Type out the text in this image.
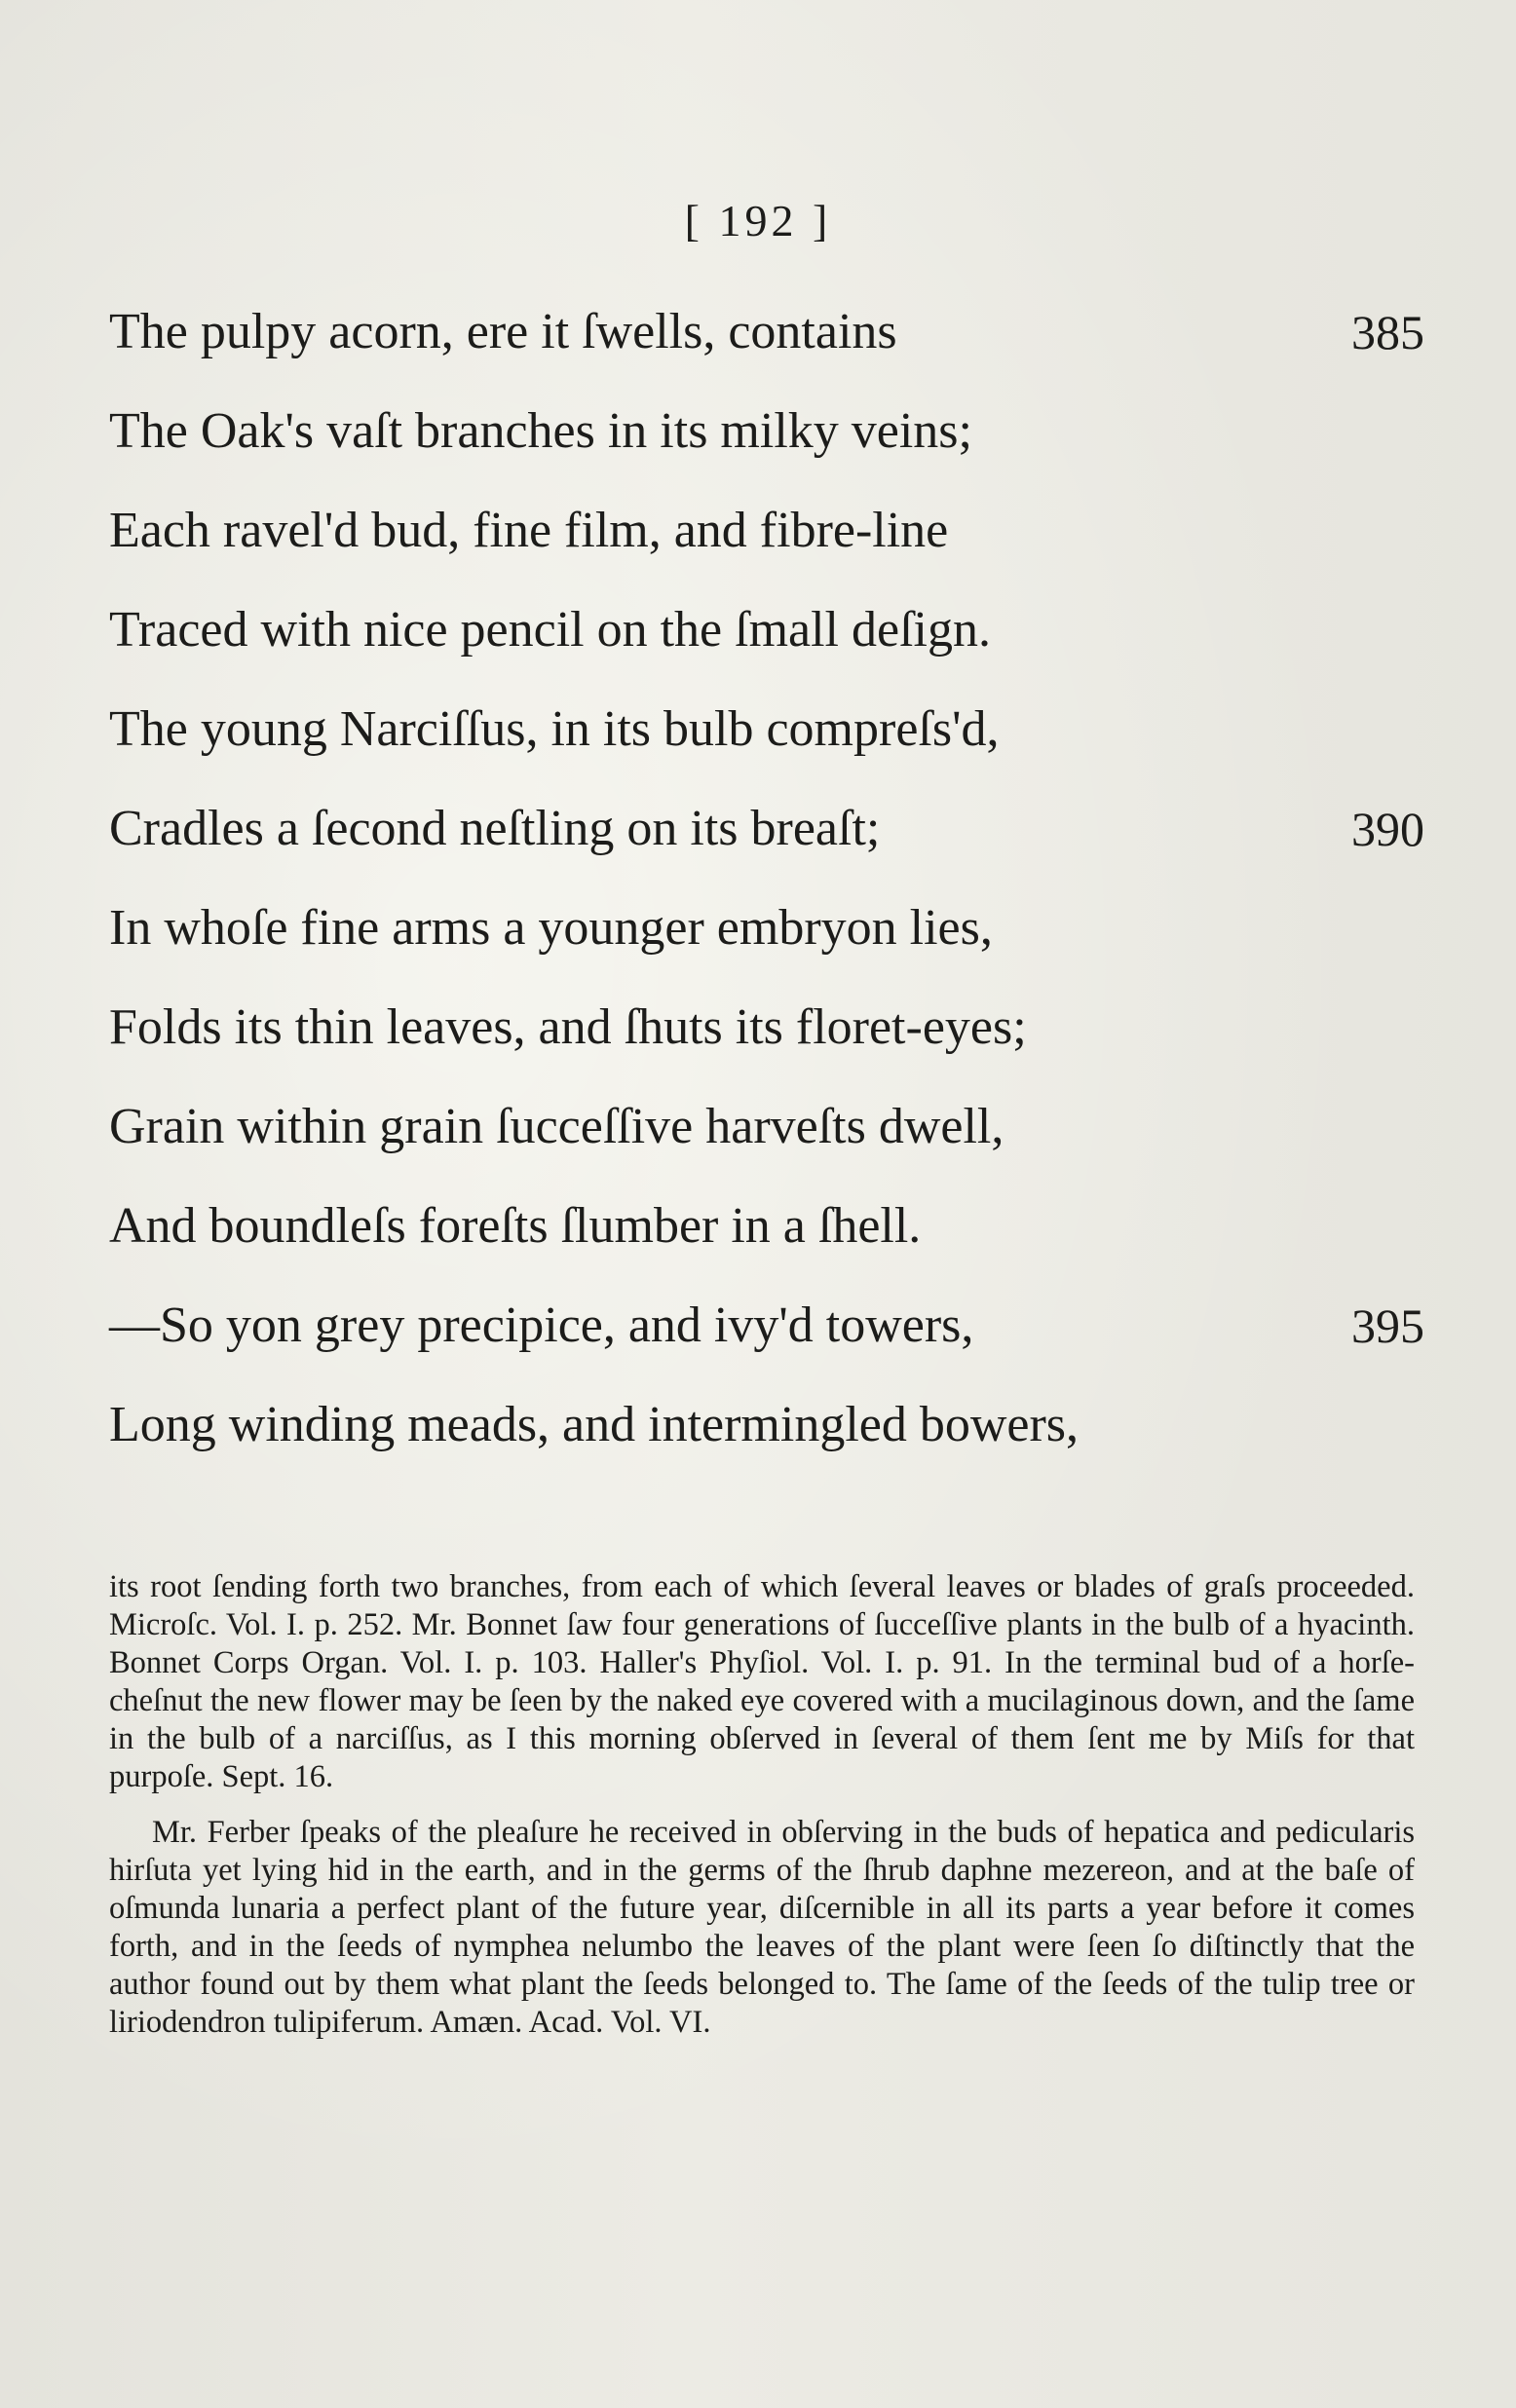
[ 192 ]
The pulpy acorn, ere it ſwells, contains	385
The Oak's vaſt branches in its milky veins;
Each ravel'd bud, fine film, and fibre-line
Traced with nice pencil on the ſmall deſign.
The young Narciſſus, in its bulb compreſs'd,
Cradles a ſecond neſtling on its breaſt;	390
In whoſe fine arms a younger embryon lies,
Folds its thin leaves, and ſhuts its floret-eyes;
Grain within grain ſucceſſive harveſts dwell,
And boundleſs foreſts ſlumber in a ſhell.
—So yon grey precipice, and ivy'd towers,	395
Long winding meads, and intermingled bowers,

its root ſending forth two branches, from each of which ſeveral leaves or blades of graſs proceeded. Microſc. Vol. I. p. 252. Mr. Bonnet ſaw four generations of ſucceſſive plants in the bulb of a hyacinth. Bonnet Corps Organ. Vol. I. p. 103. Haller's Phyſiol. Vol. I. p. 91. In the terminal bud of a horſe-cheſnut the new flower may be ſeen by the naked eye covered with a mucilaginous down, and the ſame in the bulb of a narciſſus, as I this morning obſerved in ſeveral of them ſent me by Miſs for that purpoſe. Sept. 16.

Mr. Ferber ſpeaks of the pleaſure he received in obſerving in the buds of hepatica and pedicularis hirſuta yet lying hid in the earth, and in the germs of the ſhrub daphne mezereon, and at the baſe of oſmunda lunaria a perfect plant of the future year, diſcernible in all its parts a year before it comes forth, and in the ſeeds of nymphea nelumbo the leaves of the plant were ſeen ſo diſtinctly that the author found out by them what plant the ſeeds belonged to. The ſame of the ſeeds of the tulip tree or liriodendron tulipiferum. Amæn. Acad. Vol. VI.
